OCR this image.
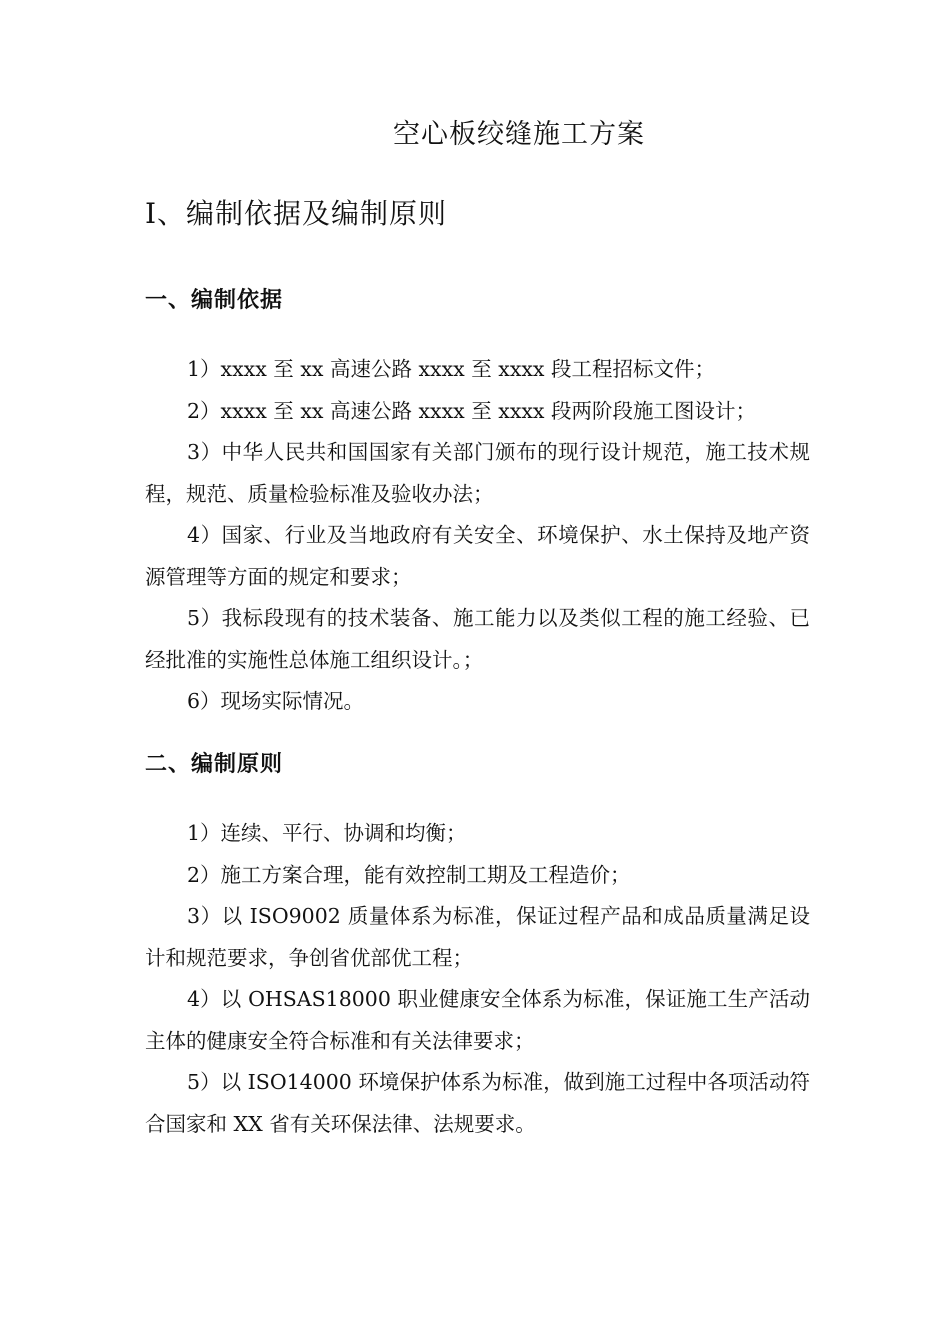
空心板绞缝施工方案
Ⅰ、编制依据及编制原则
一、编制依据

1）xxxx 至 xx 高速公路 xxxx 至 xxxx 段工程招标文件；

2）xxxx 至 xx 高速公路 xxxx 至 xxxx 段两阶段施工图设计；

3）中华人民共和国国家有关部门颁布的现行设计规范，施工技术规程，规范、质量检验标准及验收办法；

4）国家、行业及当地政府有关安全、环境保护、水土保持及地产资源管理等方面的规定和要求；

5）我标段现有的技术装备、施工能力以及类似工程的施工经验、已经批准的实施性总体施工组织设计。；

6）现场实际情况。

二、编制原则

1）连续、平行、协调和均衡；

2）施工方案合理，能有效控制工期及工程造价；

3）以 ISO9002 质量体系为标准，保证过程产品和成品质量满足设计和规范要求，争创省优部优工程；

4）以 OHSAS18000 职业健康安全体系为标准，保证施工生产活动主体的健康安全符合标准和有关法律要求；

5）以 ISO14000 环境保护体系为标准，做到施工过程中各项活动符合国家和 XX 省有关环保法律、法规要求。
